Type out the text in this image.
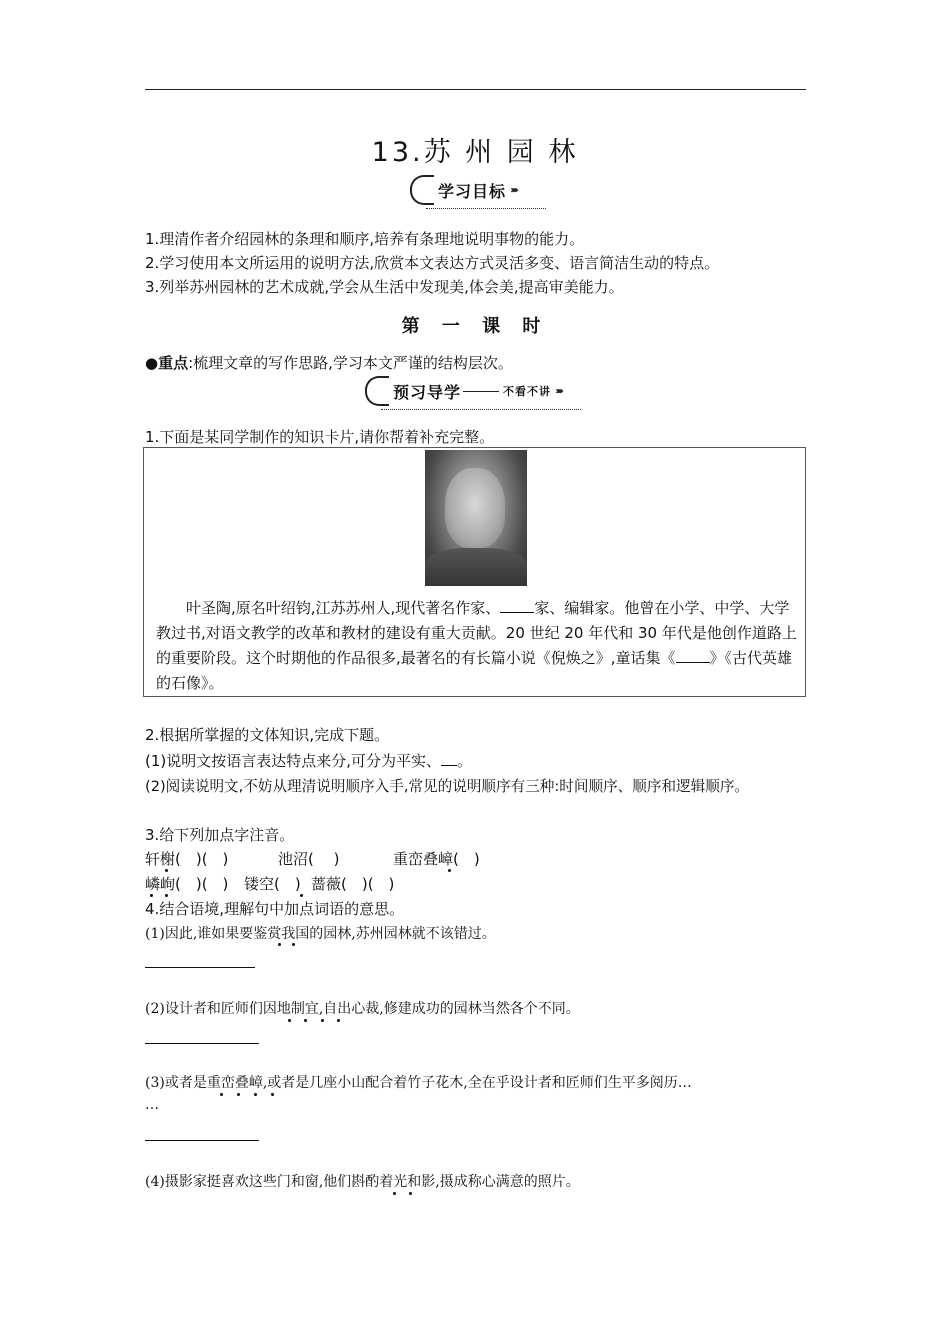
13.苏 州 园 林
学习目标 ››››››
1.理清作者介绍园林的条理和顺序,培养有条理地说明事物的能力。
2.学习使用本文所运用的说明方法,欣赏本文表达方式灵活多变、语言简洁生动的特点。
3.列举苏州园林的艺术成就,学会从生活中发现美,体会美,提高审美能力。
第 一 课 时
●重点:梳理文章的写作思路,学习本文严谨的结构层次。
预习导学	不看不讲 ››››››
1.下面是某同学制作的知识卡片,请你帮着补充完整。
叶圣陶,原名叶绍钧,江苏苏州人,现代著名作家、 家、编辑家。他曾在小学、中学、大学教过书,对语文教学的改革和教材的建设有重大贡献。20 世纪 20 年代和 30 年代是他创作道路上的重要阶段。这个时期他的作品很多,最著名的有长篇小说《倪焕之》,童话集《 》《古代英雄的石像》。
2.根据所掌握的文体知识,完成下题。
(1)说明文按语言表达特点来分,可分为平实、 。
(2)阅读说明文,不妨从理清说明顺序入手,常见的说明顺序有三种:时间顺序、顺序和逻辑顺序。
3.给下列加点字注音。
轩榭(　)(　)	池沼(　 )	重峦叠嶂(　)
嶙峋(　)(　) 镂空(　) 蔷薇(　)(　)
4.结合语境,理解句中加点词语的意思。
(1)因此,谁如果要鉴赏我国的园林,苏州园林就不该错过。
(2)设计者和匠师们因地制宜,自出心裁,修建成功的园林当然各个不同。
(3)或者是重峦叠嶂,或者是几座小山配合着竹子花木,全在乎设计者和匠师们生平多阅历…
…
(4)摄影家挺喜欢这些门和窗,他们斟酌着光和影,摄成称心满意的照片。
